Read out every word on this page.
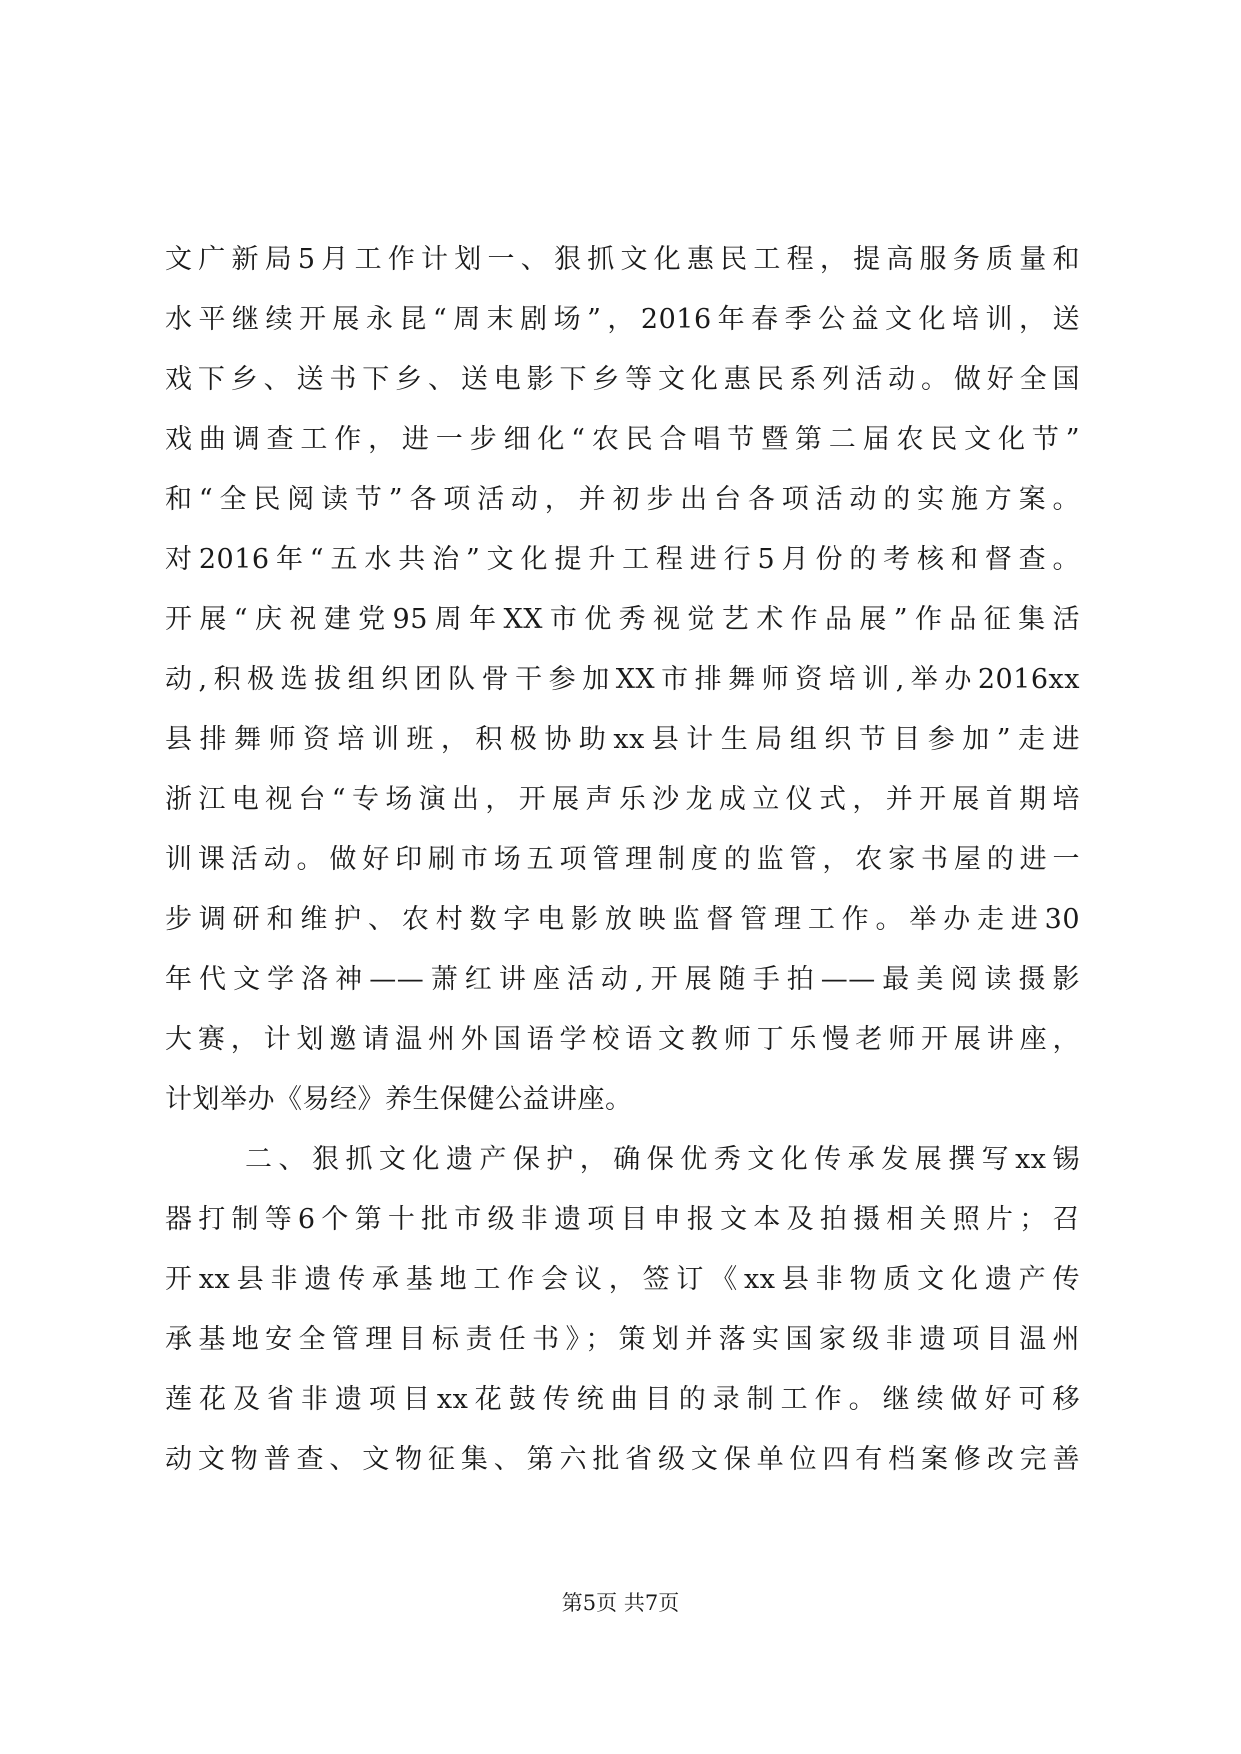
文广新局5月工作计划一、狠抓文化惠民工程，提高服务质量和
水平继续开展永昆“周末剧场”，2016年春季公益文化培训，送
戏下乡、送书下乡、送电影下乡等文化惠民系列活动。做好全国
戏曲调查工作，进一步细化“农民合唱节暨第二届农民文化节”
和“全民阅读节”各项活动，并初步出台各项活动的实施方案。
对2016年“五水共治”文化提升工程进行5月份的考核和督查。
开展“庆祝建党95周年XX市优秀视觉艺术作品展”作品征集活
动,积极选拔组织团队骨干参加XX市排舞师资培训,举办2016xx
县排舞师资培训班，积极协助xx县计生局组织节目参加”走进
浙江电视台“专场演出，开展声乐沙龙成立仪式，并开展首期培
训课活动。做好印刷市场五项管理制度的监管，农家书屋的进一
步调研和维护、农村数字电影放映监督管理工作。举办走进30
年代文学洛神——萧红讲座活动,开展随手拍——最美阅读摄影
大赛，计划邀请温州外国语学校语文教师丁乐慢老师开展讲座，
计划举办《易经》养生保健公益讲座。
二、狠抓文化遗产保护，确保优秀文化传承发展撰写xx锡
器打制等6个第十批市级非遗项目申报文本及拍摄相关照片；召
开xx县非遗传承基地工作会议，签订《xx县非物质文化遗产传
承基地安全管理目标责任书》；策划并落实国家级非遗项目温州
莲花及省非遗项目xx花鼓传统曲目的录制工作。继续做好可移
动文物普查、文物征集、第六批省级文保单位四有档案修改完善
第5页 共7页
